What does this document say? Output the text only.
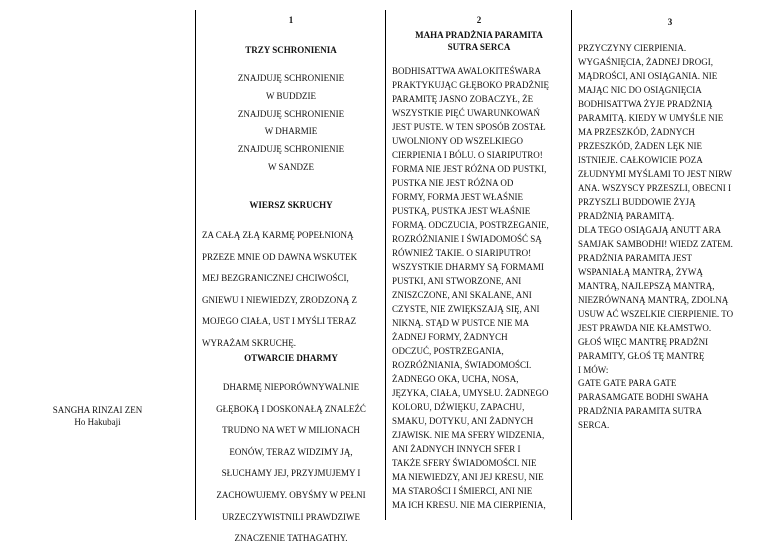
SANGHA RINZAI ZEN
Ho Hakubaji
1
TRZY SCHRONIENIA
ZNAJDUJĘ SCHRONIENIE
W BUDDZIE
ZNAJDUJĘ SCHRONIENIE
W DHARMIE
ZNAJDUJĘ SCHRONIENIE
W SANDZE
WIERSZ SKRUCHY
ZA CAŁĄ ZŁĄ KARMĘ POPEŁNIONĄ
PRZEZE MNIE OD DAWNA WSKUTEK
MEJ BEZGRANICZNEJ CHCIWOŚCI,
GNIEWU I NIEWIEDZY, ZRODZONĄ Z
MOJEGO CIAŁA, UST I MYŚLI TERAZ
WYRAŻAM SKRUCHĘ.
OTWARCIE DHARMY
DHARMĘ NIEPORÓWNYWALNIE
GŁĘBOKĄ I DOSKONAŁĄ ZNALEŹĆ
TRUDNO NA WET W MILIONACH
EONÓW, TERAZ WIDZIMY JĄ,
SŁUCHAMY JEJ, PRZYJMUJEMY I
ZACHOWUJEMY. OBYŚMY W PEŁNI
URZECZYWISTNILI PRAWDZIWE
ZNACZENIE TATHAGATHY.
2
MAHA PRADŻNIA PARAMITA
SUTRA SERCA
BODHISATTWA AWALOKITEŚWARA
PRAKTYKUJĄC GŁĘBOKO PRADŻNIĘ
PARAMITĘ JASNO ZOBACZYŁ, ŻE
WSZYSTKIE PIĘĆ UWARUNKOWAŃ
JEST PUSTE. W TEN SPOSÓB ZOSTAŁ
UWOLNIONY OD WSZELKIEGO
CIERPIENIA I BÓLU. O SIARIPUTRO!
FORMA NIE JEST RÓŻNA OD PUSTKI,
PUSTKA NIE JEST RÓŻNA OD
FORMY, FORMA JEST WŁAŚNIE
PUSTKĄ, PUSTKA JEST WŁAŚNIE
FORMĄ. ODCZUCIA, POSTRZEGANIE,
ROZRÓŻNIANIE I ŚWIADOMOŚĆ SĄ
RÓWNIEŻ TAKIE. O SIARIPUTRO!
WSZYSTKIE DHARMY SĄ FORMAMI
PUSTKI, ANI STWORZONE, ANI
ZNISZCZONE, ANI SKALANE, ANI
CZYSTE, NIE ZWIĘKSZAJĄ SIĘ, ANI
NIKNĄ. STĄD W PUSTCE NIE MA
ŻADNEJ FORMY, ŻADNYCH
ODCZUĆ, POSTRZEGANIA,
ROZRÓŻNIANIA, ŚWIADOMOŚCI.
ŻADNEGO OKA, UCHA, NOSA,
JĘZYKA, CIAŁA, UMYSŁU. ŻADNEGO
KOLORU, DŹWIĘKU, ZAPACHU,
SMAKU, DOTYKU, ANI ŻADNYCH
ZJAWISK. NIE MA SFERY WIDZENIA,
ANI ŻADNYCH INNYCH SFER I
TAKŻE SFERY ŚWIADOMOŚCI. NIE
MA NIEWIEDZY, ANI JEJ KRESU, NIE
MA STAROŚCI I ŚMIERCI, ANI NIE
MA ICH KRESU. NIE MA CIERPIENIA,
3
PRZYCZYNY CIERPIENIA.
WYGAŚNIĘCIA, ŻADNEJ DROGI,
MĄDROŚCI, ANI OSIĄGANIA. NIE
MAJĄC NIC DO OSIĄGNIĘCIA
BODHISATTWA ŻYJE PRADŻNIĄ
PARAMITĄ. KIEDY W UMYŚLE NIE
MA PRZESZKÓD, ŻADNYCH
PRZESZKÓD, ŻADEN LĘK NIE
ISTNIEJE. CAŁKOWICIE POZA
ZŁUDNYMI MYŚLAMI TO JEST NIRW
ANA. WSZYSCY PRZESZLI, OBECNI I
PRZYSZLI BUDDOWIE ŻYJĄ
PRADŻNIĄ PARAMITĄ.
DLA TEGO OSIĄGAJĄ ANUTT ARA
SAMJAK SAMBODHI! WIEDZ ZATEM.
PRADŻNIA PARAMITA JEST
WSPANIAŁĄ MANTRĄ, ŻYWĄ
MANTRĄ, NAJLEPSZĄ MANTRĄ,
NIEZRÓWNANĄ MANTRĄ, ZDOLNĄ
USUW AĆ WSZELKIE CIERPIENIE. TO
JEST PRAWDA NIE KŁAMSTWO.
GŁOŚ WIĘC MANTRĘ PRADŻNI
PARAMITY, GŁOŚ TĘ MANTRĘ
I MÓW:
GATE GATE PARA GATE
PARASAMGATE BODHI SWAHA
PRADŻNIA PARAMITA SUTRA
SERCA.
